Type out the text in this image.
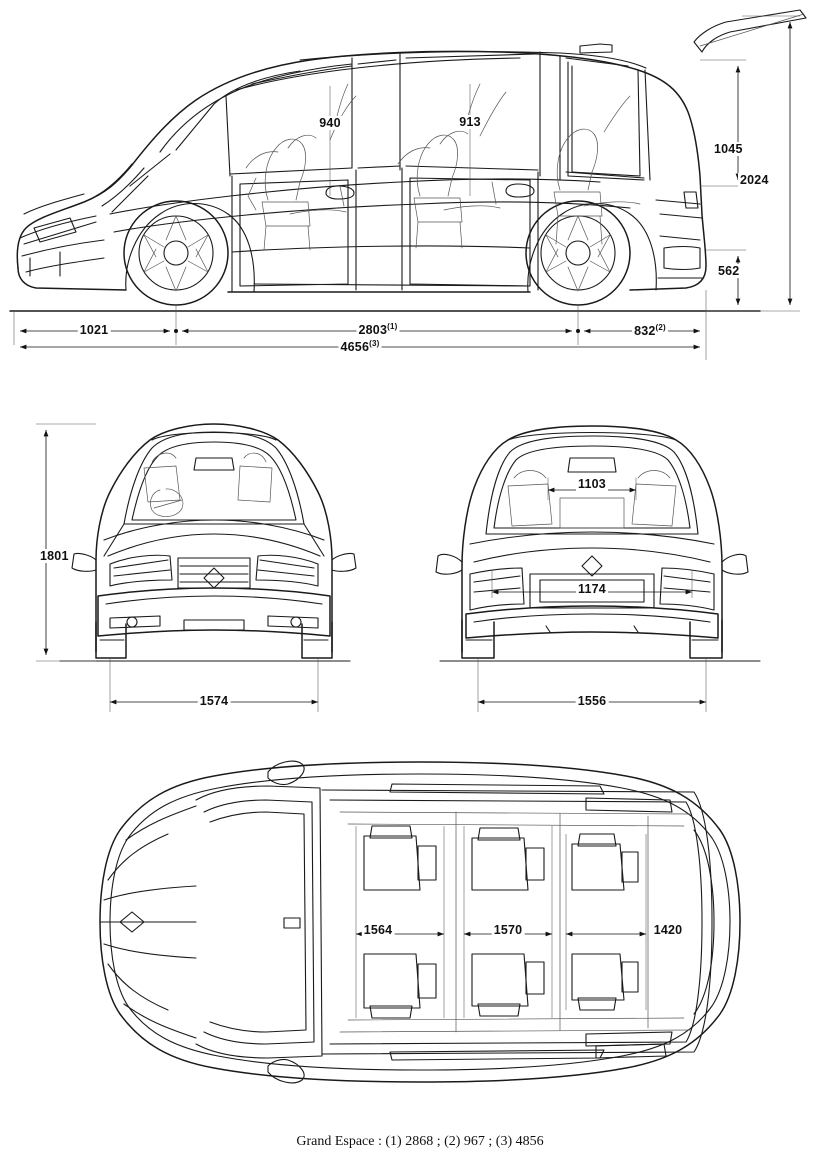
940	913
1045
2024
562
1021	2803$^{(1)}$	832$^{(2)}$
4656$^{(3)}$
1801
1574
1103
1174
1556
1564	1570	1420
Grand Espace : (1) 2868 ; (2) 967 ; (3) 4856
